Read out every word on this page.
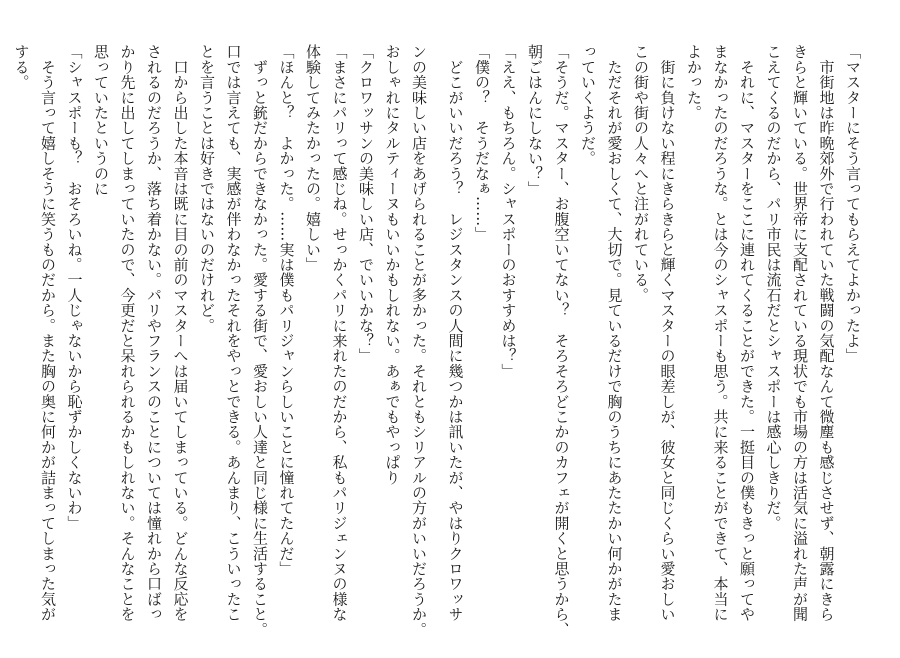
「マスターにそう言ってもらえてよかったよ」
　市街地は昨晩郊外で行われていた戦闘の気配なんて微塵も感じさせず、朝露にきら
きらと輝いている。世界帝に支配されている現状でも市場の方は活気に溢れた声が聞
こえてくるのだから、パリ市民は流石だとシャスポーは感心しきりだ。
　それに、マスターをここに連れてくることができた。一挺目の僕もきっと願ってや
まなかったのだろうな。とは今のシャスポーも思う。共に来ることができて、本当に
よかった。
　街に負けない程にきらきらと輝くマスターの眼差しが、彼女と同じくらい愛おしい
この街や街の人々へと注がれている。
　ただそれが愛おしくて、大切で。見ているだけで胸のうちにあたたかい何かがたま
っていくようだ。
「そうだ。マスター、お腹空いてない？　そろそろどこかのカフェが開くと思うから、
朝ごはんにしない？」
「ええ、もちろん。シャスポーのおすすめは？」
「僕の？　そうだなぁ……」
　どこがいいだろう？　レジスタンスの人間に幾つかは訊いたが、やはりクロワッサ
ンの美味しい店をあげられることが多かった。それともシリアルの方がいいだろうか。
おしゃれにタルティーヌもいいかもしれない。あぁでもやっぱり
「クロワッサンの美味しい店、でいいかな？」
「まさにパリって感じね。せっかくパリに来れたのだから、私もパリジェンヌの様な
体験してみたかったの。嬉しい」
「ほんと？　よかった。……実は僕もパリジャンらしいことに憧れてたんだ」
　ずっと銃だからできなかった。愛する街で、愛おしい人達と同じ様に生活すること。
口では言えても、実感が伴わなかったそれをやっとできる。あんまり、こういったこ
とを言うことは好きではないのだけれど。
　口から出した本音は既に目の前のマスターへは届いてしまっている。どんな反応を
されるのだろうか、落ち着かない。パリやフランスのことについては憧れから口ばっ
かり先に出してしまっていたので、今更だと呆れられるかもしれない。そんなことを
思っていたというのに
「シャスポーも？　おそろいね。一人じゃないから恥ずかしくないわ」
　そう言って嬉しそうに笑うものだから。また胸の奥に何かが詰まってしまった気が
する。
